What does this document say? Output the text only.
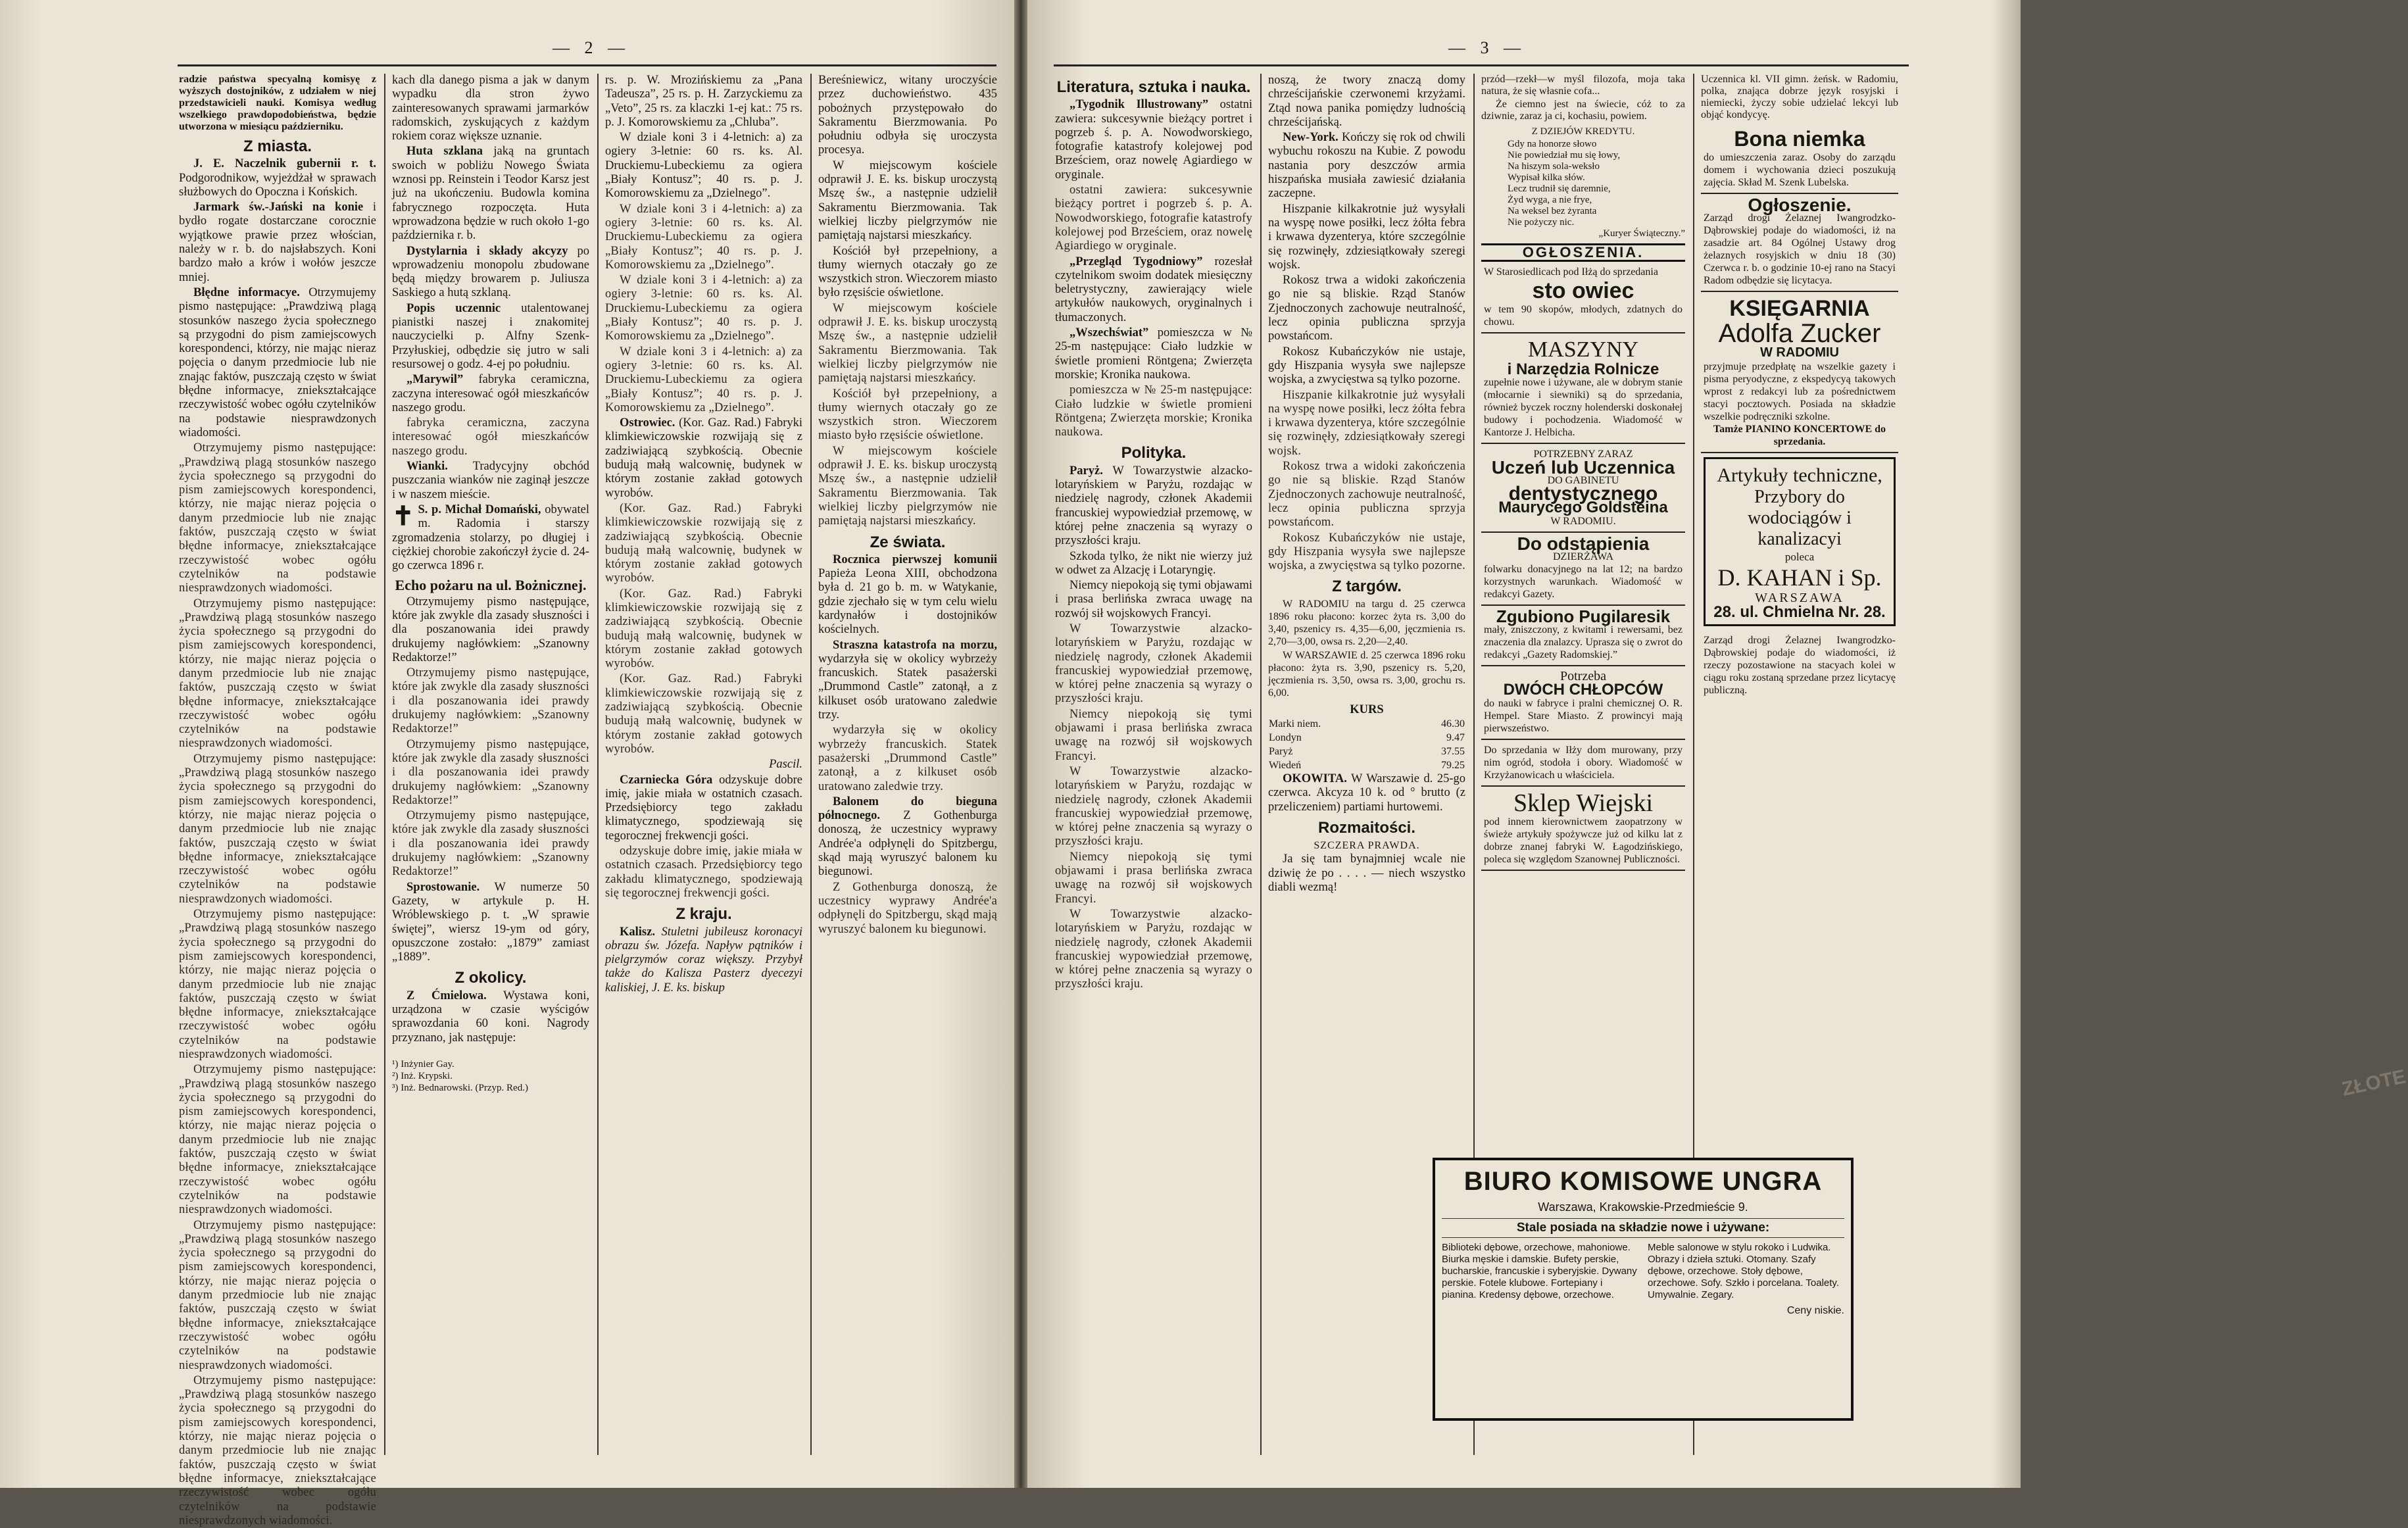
— 2 —

radzie państwa specyalną komisyę z wyższych dostojników, z udziałem w niej przedstawicieli nauki. Komisya według wszelkiego prawdopodobieństwa, będzie utworzona w miesiącu październiku.

Z miasta.

J. E. Naczelnik gubernii r. t. Podgorodnikow, wyjeżdżał w sprawach służbowych do Opoczna i Końskich.

Jarmark św.-Jański na konie i bydło rogate dostarczane corocznie wyjątkowe prawie przez włościan, należy w r. b. do najsłabszych. Koni bardzo mało a krów i wołów jeszcze mniej.

Błędne informacye. Otrzymujemy pismo następujące: „Prawdziwą plagą stosunków naszego życia społecznego są przygodni do pism zamiejscowych korespondenci, którzy, nie mając nieraz pojęcia o danym przedmiocie lub nie znając faktów, puszczają często w świat błędne informacye, zniekształcające rzeczywistość wobec ogółu czytelników na podstawie niesprawdzonych wiadomości.

Otrzymujemy pismo następujące: „Prawdziwą plagą stosunków naszego życia społecznego są przygodni do pism zamiejscowych korespondenci, którzy, nie mając nieraz pojęcia o danym przedmiocie lub nie znając faktów, puszczają często w świat błędne informacye, zniekształcające rzeczywistość wobec ogółu czytelników na podstawie niesprawdzonych wiadomości.

Otrzymujemy pismo następujące: „Prawdziwą plagą stosunków naszego życia społecznego są przygodni do pism zamiejscowych korespondenci, którzy, nie mając nieraz pojęcia o danym przedmiocie lub nie znając faktów, puszczają często w świat błędne informacye, zniekształcające rzeczywistość wobec ogółu czytelników na podstawie niesprawdzonych wiadomości.

Otrzymujemy pismo następujące: „Prawdziwą plagą stosunków naszego życia społecznego są przygodni do pism zamiejscowych korespondenci, którzy, nie mając nieraz pojęcia o danym przedmiocie lub nie znając faktów, puszczają często w świat błędne informacye, zniekształcające rzeczywistość wobec ogółu czytelników na podstawie niesprawdzonych wiadomości.

Otrzymujemy pismo następujące: „Prawdziwą plagą stosunków naszego życia społecznego są przygodni do pism zamiejscowych korespondenci, którzy, nie mając nieraz pojęcia o danym przedmiocie lub nie znając faktów, puszczają często w świat błędne informacye, zniekształcające rzeczywistość wobec ogółu czytelników na podstawie niesprawdzonych wiadomości.

Otrzymujemy pismo następujące: „Prawdziwą plagą stosunków naszego życia społecznego są przygodni do pism zamiejscowych korespondenci, którzy, nie mając nieraz pojęcia o danym przedmiocie lub nie znając faktów, puszczają często w świat błędne informacye, zniekształcające rzeczywistość wobec ogółu czytelników na podstawie niesprawdzonych wiadomości.

Otrzymujemy pismo następujące: „Prawdziwą plagą stosunków naszego życia społecznego są przygodni do pism zamiejscowych korespondenci, którzy, nie mając nieraz pojęcia o danym przedmiocie lub nie znając faktów, puszczają często w świat błędne informacye, zniekształcające rzeczywistość wobec ogółu czytelników na podstawie niesprawdzonych wiadomości.

Otrzymujemy pismo następujące: „Prawdziwą plagą stosunków naszego życia społecznego są przygodni do pism zamiejscowych korespondenci, którzy, nie mając nieraz pojęcia o danym przedmiocie lub nie znając faktów, puszczają często w świat błędne informacye, zniekształcające rzeczywistość wobec ogółu czytelników na podstawie niesprawdzonych wiadomości.

kach dla danego pisma a jak w danym wypadku dla stron żywo zainteresowanych sprawami jarmarków radomskich, zyskujących z każdym rokiem coraz większe uznanie.

Huta szklana jaką na gruntach swoich w pobliżu Nowego Świata wznosi pp. Reinstein i Teodor Karsz jest już na ukończeniu. Budowla komina fabrycznego rozpoczęta. Huta wprowadzona będzie w ruch około 1-go października r. b.

Dystylarnia i składy akcyzy po wprowadzeniu monopolu zbudowane będą między browarem p. Juliusza Saskiego a hutą szklaną.

Popis uczennic utalentowanej pianistki naszej i znakomitej nauczycielki p. Alfny Szenk-Przyłuskiej, odbędzie się jutro w sali resursowej o godz. 4-ej po południu.

„Marywil” fabryka ceramiczna, zaczyna interesować ogół mieszkańców naszego grodu.

fabryka ceramiczna, zaczyna interesować ogół mieszkańców naszego grodu.

Wianki. Tradycyjny obchód puszczania wianków nie zaginął jeszcze i w naszem mieście.

✝ S. p. Michał Domański, obywatel m. Radomia i starszy zgromadzenia stolarzy, po długiej i ciężkiej chorobie zakończył życie d. 24-go czerwca 1896 r.

Echo pożaru na ul. Bożnicznej.

Otrzymujemy pismo następujące, które jak zwykle dla zasady słuszności i dla poszanowania idei prawdy drukujemy nagłówkiem: „Szanowny Redaktorze!”

Otrzymujemy pismo następujące, które jak zwykle dla zasady słuszności i dla poszanowania idei prawdy drukujemy nagłówkiem: „Szanowny Redaktorze!”

Otrzymujemy pismo następujące, które jak zwykle dla zasady słuszności i dla poszanowania idei prawdy drukujemy nagłówkiem: „Szanowny Redaktorze!”

Otrzymujemy pismo następujące, które jak zwykle dla zasady słuszności i dla poszanowania idei prawdy drukujemy nagłówkiem: „Szanowny Redaktorze!”

Sprostowanie. W numerze 50 Gazety, w artykule p. H. Wróblewskiego p. t. „W sprawie świętej”, wiersz 19-ym od góry, opuszczone zostało: „1879” zamiast „1889”.

Z okolicy.

Z Ćmielowa. Wystawa koni, urządzona w czasie wyścigów sprawozdania 60 koni. Nagrody przyznano, jak następuje:

¹) Inżynier Gay.
²) Inż. Krypski.
³) Inż. Bednarowski. (Przyp. Red.)

rs. p. W. Mrozińskiemu za „Pana Tadeusza”, 25 rs. p. H. Zarzyckiemu za „Veto”, 25 rs. za klaczki 1-ej kat.: 75 rs. p. J. Komorowskiemu za „Chluba”.

W dziale koni 3 i 4-letnich: a) za ogiery 3-letnie: 60 rs. ks. Al. Druckiemu-Lubeckiemu za ogiera „Biały Kontusz”; 40 rs. p. J. Komorowskiemu za „Dzielnego”.

W dziale koni 3 i 4-letnich: a) za ogiery 3-letnie: 60 rs. ks. Al. Druckiemu-Lubeckiemu za ogiera „Biały Kontusz”; 40 rs. p. J. Komorowskiemu za „Dzielnego”.

W dziale koni 3 i 4-letnich: a) za ogiery 3-letnie: 60 rs. ks. Al. Druckiemu-Lubeckiemu za ogiera „Biały Kontusz”; 40 rs. p. J. Komorowskiemu za „Dzielnego”.

W dziale koni 3 i 4-letnich: a) za ogiery 3-letnie: 60 rs. ks. Al. Druckiemu-Lubeckiemu za ogiera „Biały Kontusz”; 40 rs. p. J. Komorowskiemu za „Dzielnego”.

Ostrowiec. (Kor. Gaz. Rad.) Fabryki klimkiewiczowskie rozwijają się z zadziwiającą szybkością. Obecnie budują małą walcownię, budynek w którym zostanie zakład gotowych wyrobów.

(Kor. Gaz. Rad.) Fabryki klimkiewiczowskie rozwijają się z zadziwiającą szybkością. Obecnie budują małą walcownię, budynek w którym zostanie zakład gotowych wyrobów.

(Kor. Gaz. Rad.) Fabryki klimkiewiczowskie rozwijają się z zadziwiającą szybkością. Obecnie budują małą walcownię, budynek w którym zostanie zakład gotowych wyrobów.

(Kor. Gaz. Rad.) Fabryki klimkiewiczowskie rozwijają się z zadziwiającą szybkością. Obecnie budują małą walcownię, budynek w którym zostanie zakład gotowych wyrobów.

Pascil.

Czarniecka Góra odzyskuje dobre imię, jakie miała w ostatnich czasach. Przedsiębiorcy tego zakładu klimatycznego, spodziewają się tegorocznej frekwencji gości.

odzyskuje dobre imię, jakie miała w ostatnich czasach. Przedsiębiorcy tego zakładu klimatycznego, spodziewają się tegorocznej frekwencji gości.

Z kraju.

Kalisz. Stuletni jubileusz koronacyi obrazu św. Józefa. Napływ pątników i pielgrzymów coraz większy. Przybył także do Kalisza Pasterz dyecezyi kaliskiej, J. E. ks. biskup

Bereśniewicz, witany uroczyście przez duchowieństwo. 435 pobożnych przystępowało do Sakramentu Bierzmowania. Po południu odbyła się uroczysta procesya.

W miejscowym kościele odprawił J. E. ks. biskup uroczystą Mszę św., a następnie udzielił Sakramentu Bierzmowania. Tak wielkiej liczby pielgrzymów nie pamiętają najstarsi mieszkańcy.

Kościół był przepełniony, a tłumy wiernych otaczały go ze wszystkich stron. Wieczorem miasto było rzęsiście oświetlone.

W miejscowym kościele odprawił J. E. ks. biskup uroczystą Mszę św., a następnie udzielił Sakramentu Bierzmowania. Tak wielkiej liczby pielgrzymów nie pamiętają najstarsi mieszkańcy.

Kościół był przepełniony, a tłumy wiernych otaczały go ze wszystkich stron. Wieczorem miasto było rzęsiście oświetlone.

W miejscowym kościele odprawił J. E. ks. biskup uroczystą Mszę św., a następnie udzielił Sakramentu Bierzmowania. Tak wielkiej liczby pielgrzymów nie pamiętają najstarsi mieszkańcy.

Ze świata.

Rocznica pierwszej komunii Papieża Leona XIII, obchodzona była d. 21 go b. m. w Watykanie, gdzie zjechało się w tym celu wielu kardynałów i dostojników kościelnych.

Straszna katastrofa na morzu, wydarzyła się w okolicy wybrzeży francuskich. Statek pasażerski „Drummond Castle” zatonął, a z kilkuset osób uratowano zaledwie trzy.

wydarzyła się w okolicy wybrzeży francuskich. Statek pasażerski „Drummond Castle” zatonął, a z kilkuset osób uratowano zaledwie trzy.

Balonem do bieguna północnego. Z Gothenburga donoszą, że uczestnicy wyprawy Andrée'a odpłynęli do Spitzbergu, skąd mają wyruszyć balonem ku biegunowi.

Z Gothenburga donoszą, że uczestnicy wyprawy Andrée'a odpłynęli do Spitzbergu, skąd mają wyruszyć balonem ku biegunowi.

— 3 —
Literatura, sztuka i nauka.

„Tygodnik Illustrowany” ostatni zawiera: sukcesywnie bieżący portret i pogrzeb ś. p. A. Nowodworskiego, fotografie katastrofy kolejowej pod Brześciem, oraz nowelę Agiardiego w oryginale.

ostatni zawiera: sukcesywnie bieżący portret i pogrzeb ś. p. A. Nowodworskiego, fotografie katastrofy kolejowej pod Brześciem, oraz nowelę Agiardiego w oryginale.

„Przegląd Tygodniowy” rozesłał czytelnikom swoim dodatek miesięczny beletrystyczny, zawierający wiele artykułów naukowych, oryginalnych i tłumaczonych.

„Wszechświat” pomieszcza w № 25-m następujące: Ciało ludzkie w świetle promieni Röntgena; Zwierzęta morskie; Kronika naukowa.

pomieszcza w № 25-m następujące: Ciało ludzkie w świetle promieni Röntgena; Zwierzęta morskie; Kronika naukowa.

Polityka.

Paryż. W Towarzystwie alzacko-lotaryńskiem w Paryżu, rozdając w niedzielę nagrody, członek Akademii francuskiej wypowiedział przemowę, w której pełne znaczenia są wyrazy o przyszłości kraju.

Szkoda tylko, że nikt nie wierzy już w odwet za Alzację i Lotaryngię.

Niemcy niepokoją się tymi objawami i prasa berlińska zwraca uwagę na rozwój sił wojskowych Francyi.

W Towarzystwie alzacko-lotaryńskiem w Paryżu, rozdając w niedzielę nagrody, członek Akademii francuskiej wypowiedział przemowę, w której pełne znaczenia są wyrazy o przyszłości kraju.

Niemcy niepokoją się tymi objawami i prasa berlińska zwraca uwagę na rozwój sił wojskowych Francyi.

W Towarzystwie alzacko-lotaryńskiem w Paryżu, rozdając w niedzielę nagrody, członek Akademii francuskiej wypowiedział przemowę, w której pełne znaczenia są wyrazy o przyszłości kraju.

Niemcy niepokoją się tymi objawami i prasa berlińska zwraca uwagę na rozwój sił wojskowych Francyi.

W Towarzystwie alzacko-lotaryńskiem w Paryżu, rozdając w niedzielę nagrody, członek Akademii francuskiej wypowiedział przemowę, w której pełne znaczenia są wyrazy o przyszłości kraju.

noszą, że twory znaczą domy chrześcijańskie czerwonemi krzyżami. Ztąd nowa panika pomiędzy ludnością chrześcijańską.

New-York. Kończy się rok od chwili wybuchu rokoszu na Kubie. Z powodu nastania pory deszczów armia hiszpańska musiała zawiesić działania zaczepne.

Hiszpanie kilkakrotnie już wysyłali na wyspę nowe posiłki, lecz żółta febra i krwawa dyzenterya, które szczególnie się rozwinęły, zdziesiątkowały szeregi wojsk.

Rokosz trwa a widoki zakończenia go nie są bliskie. Rząd Stanów Zjednoczonych zachowuje neutralność, lecz opinia publiczna sprzyja powstańcom.

Rokosz Kubańczyków nie ustaje, gdy Hiszpania wysyła swe najlepsze wojska, a zwycięstwa są tylko pozorne.

Hiszpanie kilkakrotnie już wysyłali na wyspę nowe posiłki, lecz żółta febra i krwawa dyzenterya, które szczególnie się rozwinęły, zdziesiątkowały szeregi wojsk.

Rokosz trwa a widoki zakończenia go nie są bliskie. Rząd Stanów Zjednoczonych zachowuje neutralność, lecz opinia publiczna sprzyja powstańcom.

Rokosz Kubańczyków nie ustaje, gdy Hiszpania wysyła swe najlepsze wojska, a zwycięstwa są tylko pozorne.

Z targów.

W RADOMIU na targu d. 25 czerwca 1896 roku płacono: korzec żyta rs. 3,00 do 3,40, pszenicy rs. 4,35—6,00, jęczmienia rs. 2,70—3,00, owsa rs. 2,20—2,40.

W WARSZAWIE d. 25 czerwca 1896 roku płacono: żyta rs. 3,90, pszenicy rs. 5,20, jęczmienia rs. 3,50, owsa rs. 3,00, grochu rs. 6,00.

KURS
Marki niem.	46.30
Londyn	9.47
Paryż	37.55
Wiedeń	79.25

OKOWITA. W Warszawie d. 25-go czerwca. Akcyza 10 k. od ° brutto (z przeliczeniem) partiami hurtowemi.

Rozmaitości.
SZCZERA PRAWDA.

Ja się tam bynajmniej wcale nie dziwię że po . . . . — niech wszystko diabli wezmą!

przód—rzekł—w myśl filozofa, moja taka natura, że się własnie cofa...

Że ciemno jest na świecie, cóż to za dziwnie, zaraz ja ci, kochasiu, powiem.

Z DZIEJÓW KREDYTU.
Gdy na honorze słowo
Nie powiedział mu się łowy,
Na hiszym sola-weksło
Wypisał kilka słów.
Lecz trudnił się daremnie,
Żyd wyga, a nie frye,
Na weksel bez żyranta
Nie pożyczy nic.
„Kuryer Świąteczny.”
OGŁOSZENIA.
W Starosiedlicach pod Iłżą do sprzedania
sto owiec
w tem 90 skopów, młodych, zdatnych do chowu.
MASZYNY
i Narzędzia Rolnicze
zupełnie nowe i używane, ale w dobrym stanie (młocarnie i siewniki) są do sprzedania, również byczek roczny holenderski doskonałej budowy i pochodzenia. Wiadomość w Kantorze J. Helbicha.
POTRZEBNY ZARAZ
Uczeń lub Uczennica
DO GABINETU
dentystycznego
Maurycego Goldsteina
W RADOMIU.
Do odstąpienia
DZIERŻAWA
folwarku donacyjnego na lat 12; na bardzo korzystnych warunkach. Wiadomość w redakcyi Gazety.
Zgubiono Pugilaresik
mały, zniszczony, z kwitami i rewersami, bez znaczenia dla znalazcy. Uprasza się o zwrot do redakcyi „Gazety Radomskiej.”
Potrzeba
DWÓCH CHŁOPCÓW
do nauki w fabryce i pralni chemicznej O. R. Hempel. Stare Miasto. Z prowincyi mają pierwszeństwo.
Do sprzedania w Iłży dom murowany, przy nim ogród, stodoła i obory. Wiadomość w Krzyżanowicach u właściciela.
Sklep Wiejski
pod innem kierownictwem zaopatrzony w świeże artykuły spożywcze już od kilku lat z dobrze znanej fabryki W. Łagodzińskiego, poleca się względom Szanownej Publiczności.

Uczennica kl. VII gimn. żeńsk. w Radomiu, polka, znająca dobrze język rosyjski i niemiecki, życzy sobie udzielać lekcyi lub objąć kondycyę.

Bona niemka
do umieszczenia zaraz. Osoby do zarządu domem i wychowania dzieci poszukują zajęcia. Skład M. Szenk Lubelska.
Ogłoszenie.
Zarząd drogi Żelaznej Iwangrodzko-Dąbrowskiej podaje do wiadomości, iż na zasadzie art. 84 Ogólnej Ustawy drog żelaznych rosyjskich w dniu 18 (30) Czerwca r. b. o godzinie 10-ej rano na Stacyi Radom odbędzie się licytacya.
KSIĘGARNIA
Adolfa Zucker
W RADOMIU
przyjmuje przedpłatę na wszelkie gazety i pisma peryodyczne, z ekspedycyą takowych wprost z redakcyi lub za pośrednictwem stacyi pocztowych. Posiada na składzie wszelkie podręczniki szkolne.
Tamże PIANINO KONCERTOWE do sprzedania.
Artykuły techniczne,
Przybory do wodociągów i kanalizacyi
poleca
D. KAHAN i Sp.
WARSZAWA
28. ul. Chmielna Nr. 28.
Zarząd drogi Żelaznej Iwangrodzko-Dąbrowskiej podaje do wiadomości, iż rzeczy pozostawione na stacyach kolei w ciągu roku zostaną sprzedane przez licytacyę publiczną.
ZŁOTE
BIURO KOMISOWE UNGRA
Warszawa, Krakowskie-Przedmieście 9.
Stale posiada na składzie nowe i używane:
Biblioteki dębowe, orzechowe, mahoniowe. Biurka męskie i damskie. Bufety perskie, bucharskie, francuskie i syberyjskie. Dywany perskie. Fotele klubowe. Fortepiany i pianina. Kredensy dębowe, orzechowe.
Meble salonowe w stylu rokoko i Ludwika. Obrazy i dzieła sztuki. Otomany. Szafy dębowe, orzechowe. Stoły dębowe, orzechowe. Sofy. Szkło i porcelana. Toalety. Umywalnie. Zegary.
Ceny niskie.
